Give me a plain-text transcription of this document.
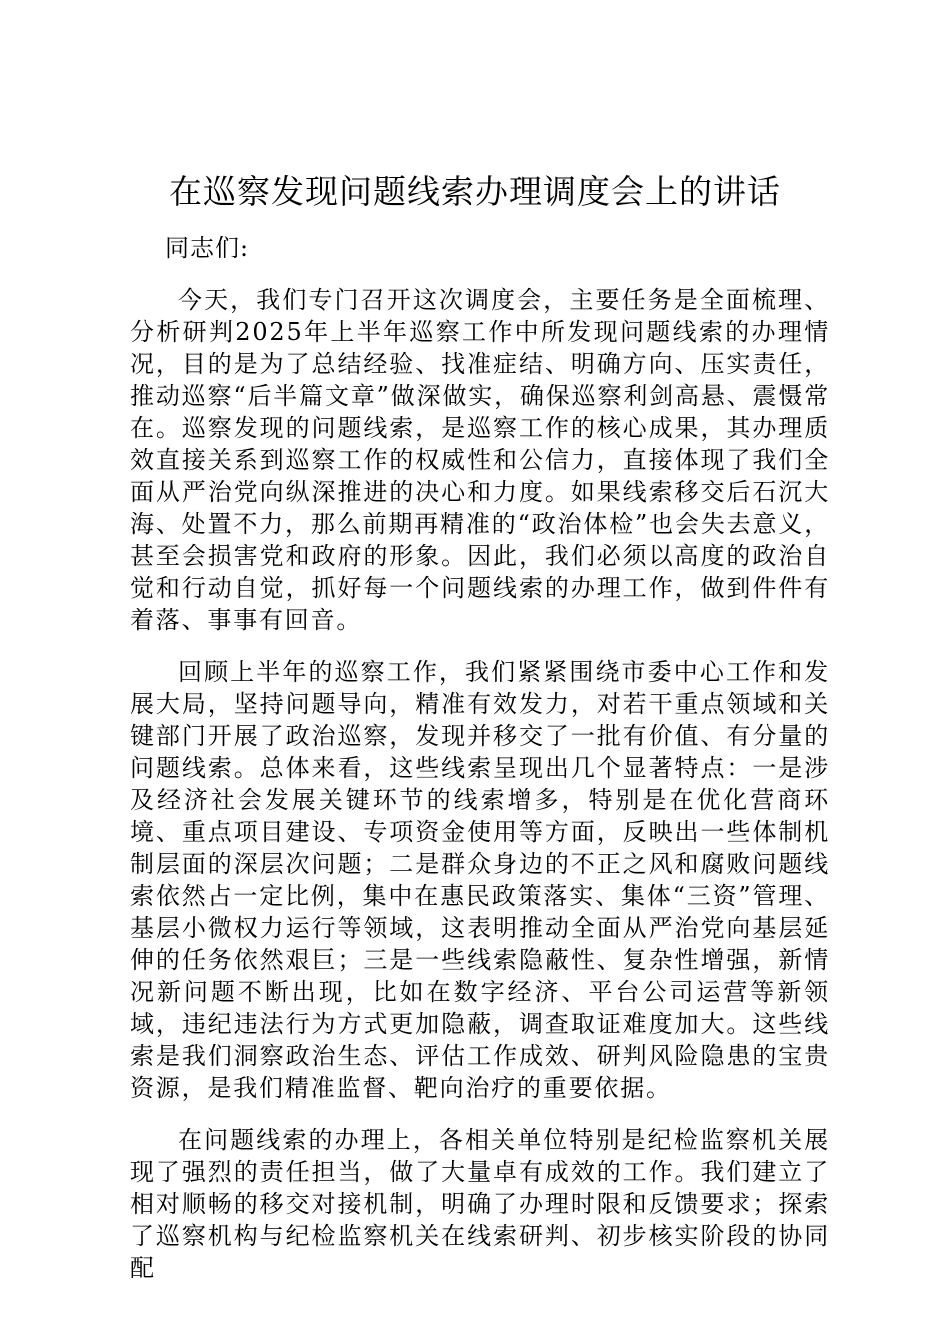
在巡察发现问题线索办理调度会上的讲话

同志们:

今天，我们专门召开这次调度会，主要任务是全面梳理、分析研判2025年上半年巡察工作中所发现问题线索的办理情况，目的是为了总结经验、找准症结、明确方向、压实责任，推动巡察“后半篇文章”做深做实，确保巡察利剑高悬、震慑常在。巡察发现的问题线索，是巡察工作的核心成果，其办理质效直接关系到巡察工作的权威性和公信力，直接体现了我们全面从严治党向纵深推进的决心和力度。如果线索移交后石沉大海、处置不力，那么前期再精准的“政治体检”也会失去意义，甚至会损害党和政府的形象。因此，我们必须以高度的政治自觉和行动自觉，抓好每一个问题线索的办理工作，做到件件有着落、事事有回音。

回顾上半年的巡察工作，我们紧紧围绕市委中心工作和发展大局，坚持问题导向，精准有效发力，对若干重点领域和关键部门开展了政治巡察，发现并移交了一批有价值、有分量的问题线索。总体来看，这些线索呈现出几个显著特点：一是涉及经济社会发展关键环节的线索增多，特别是在优化营商环境、重点项目建设、专项资金使用等方面，反映出一些体制机制层面的深层次问题；二是群众身边的不正之风和腐败问题线索依然占一定比例，集中在惠民政策落实、集体“三资”管理、基层小微权力运行等领域，这表明推动全面从严治党向基层延伸的任务依然艰巨；三是一些线索隐蔽性、复杂性增强，新情况新问题不断出现，比如在数字经济、平台公司运营等新领域，违纪违法行为方式更加隐蔽，调查取证难度加大。这些线索是我们洞察政治生态、评估工作成效、研判风险隐患的宝贵资源，是我们精准监督、靶向治疗的重要依据。

在问题线索的办理上，各相关单位特别是纪检监察机关展现了强烈的责任担当，做了大量卓有成效的工作。我们建立了相对顺畅的移交对接机制，明确了办理时限和反馈要求；探索了巡察机构与纪检监察机关在线索研判、初步核实阶段的协同配
